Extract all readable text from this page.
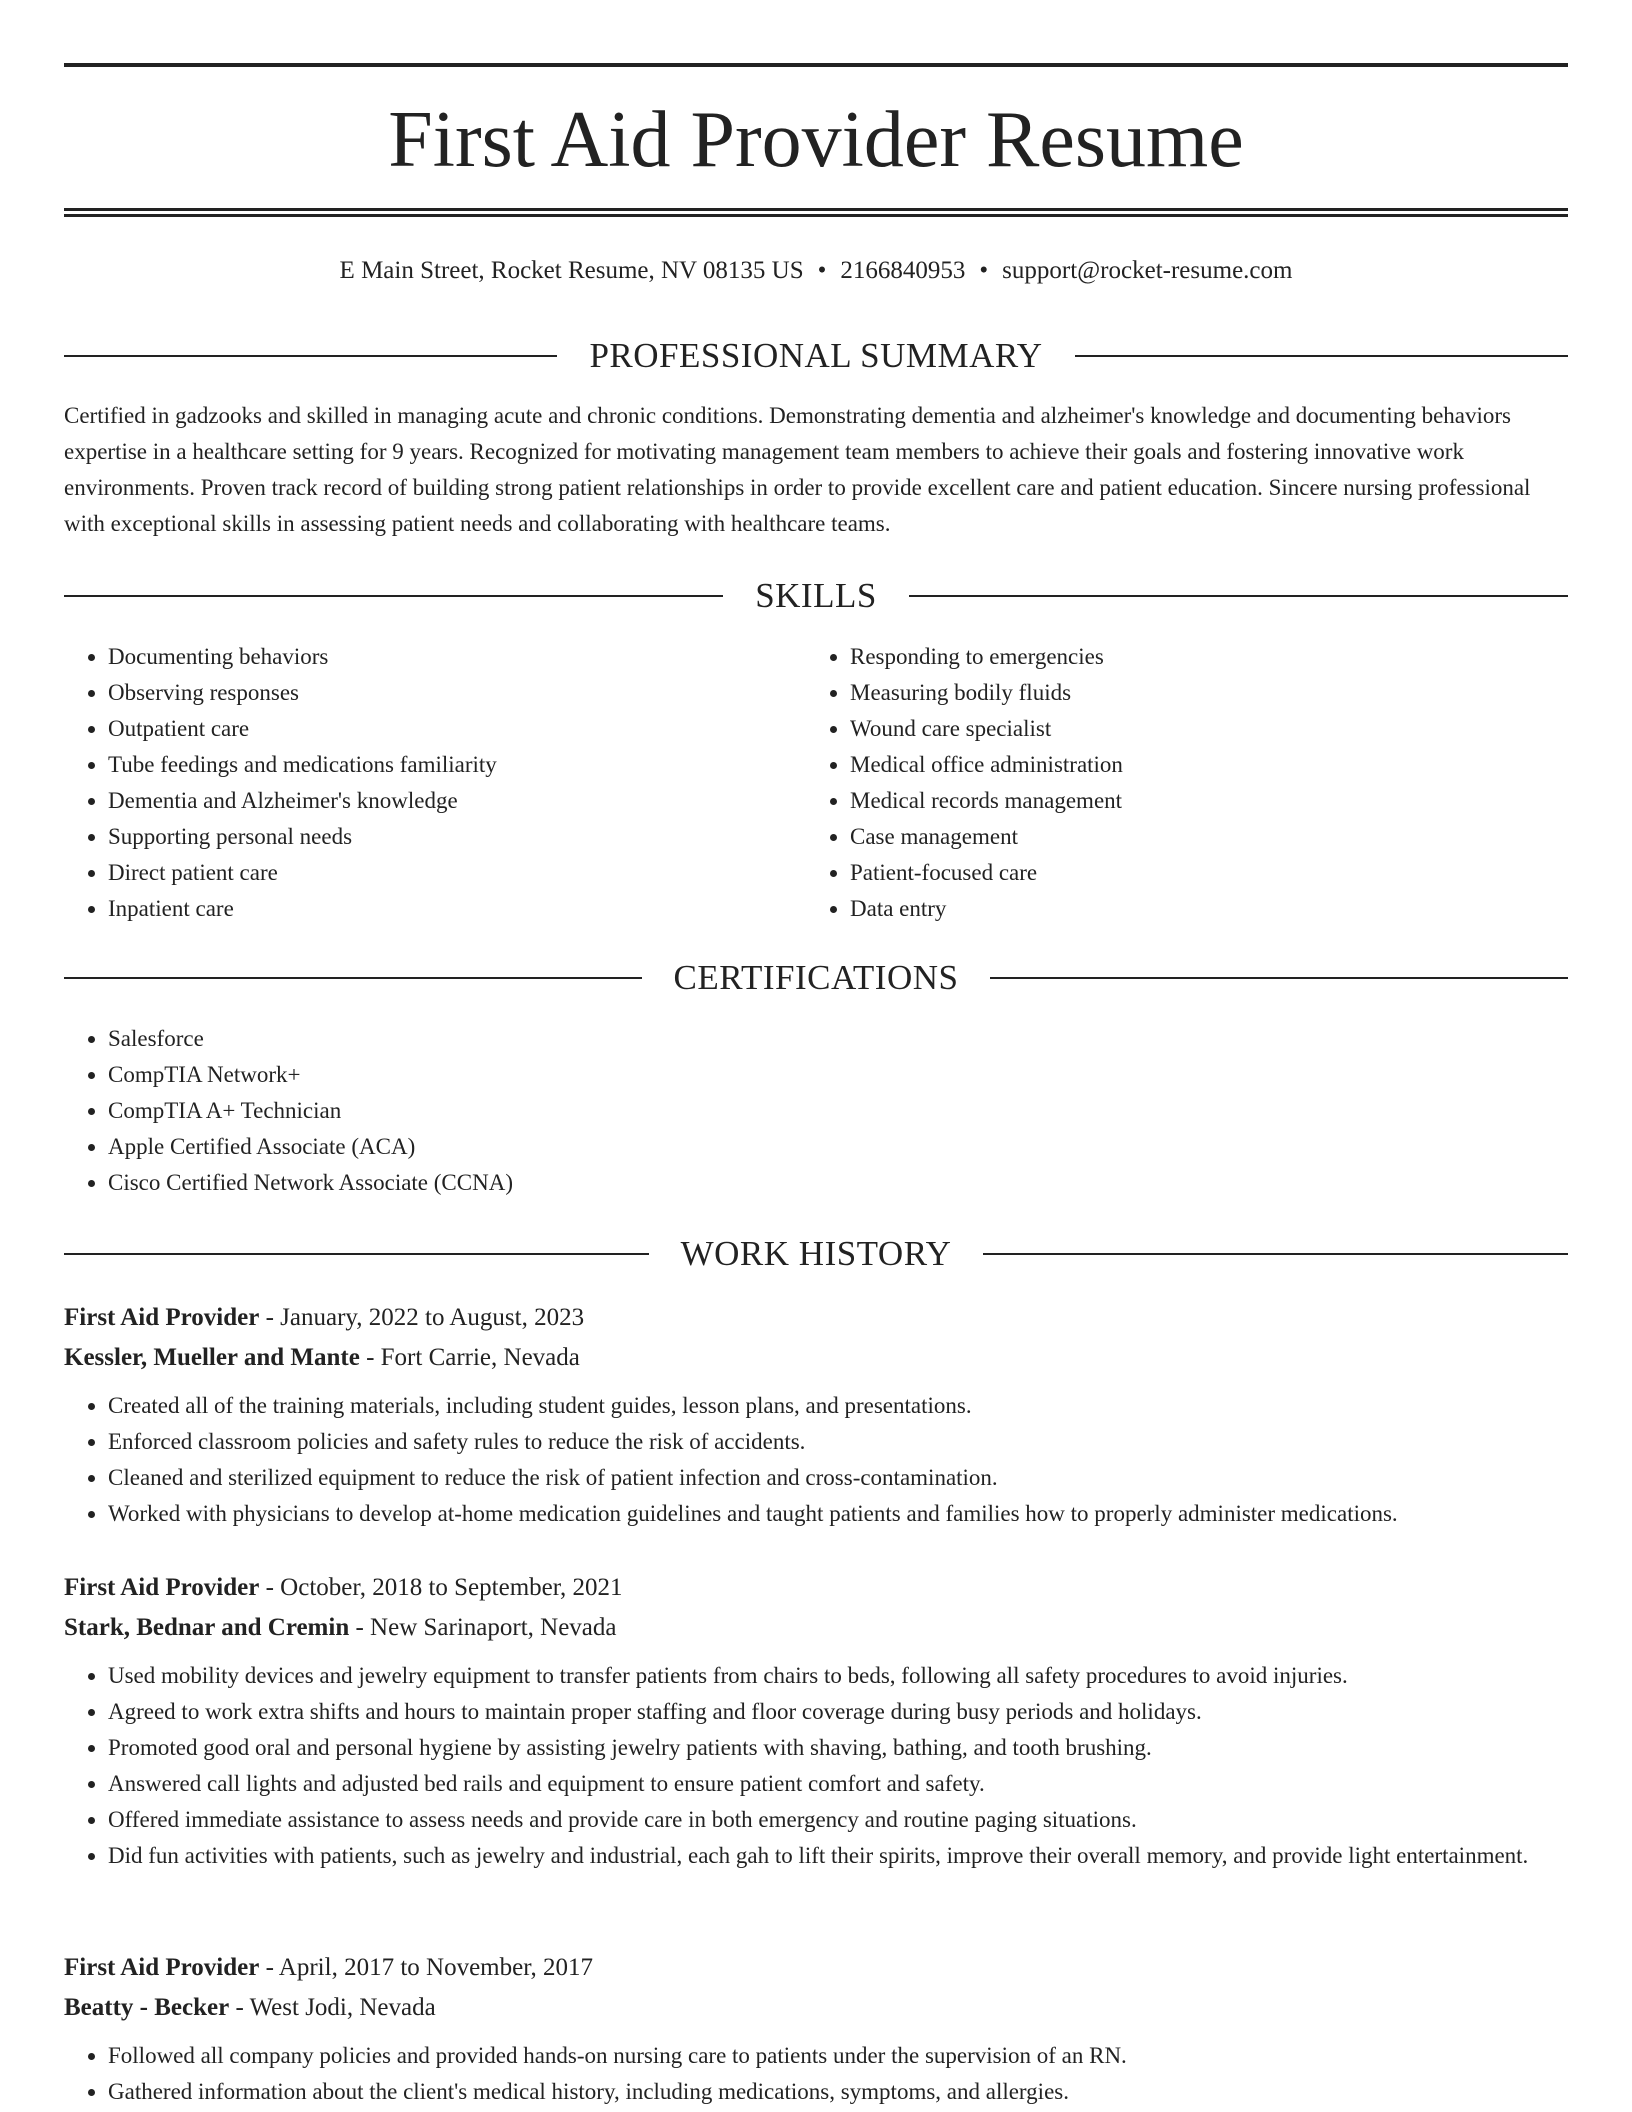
First Aid Provider Resume
E Main Street, Rocket Resume, NV 08135 US • 2166840953 • support@rocket-resume.com
PROFESSIONAL SUMMARY

Certified in gadzooks and skilled in managing acute and chronic conditions. Demonstrating dementia and alzheimer's knowledge and documenting behaviors expertise in a healthcare setting for 9 years. Recognized for motivating management team members to achieve their goals and fostering innovative work environments. Proven track record of building strong patient relationships in order to provide excellent care and patient education. Sincere nursing professional with exceptional skills in assessing patient needs and collaborating with healthcare teams.

SKILLS
• Documenting behaviors
• Observing responses
• Outpatient care
• Tube feedings and medications familiarity
• Dementia and Alzheimer's knowledge
• Supporting personal needs
• Direct patient care
• Inpatient care
• Responding to emergencies
• Measuring bodily fluids
• Wound care specialist
• Medical office administration
• Medical records management
• Case management
• Patient-focused care
• Data entry
CERTIFICATIONS
• Salesforce
• CompTIA Network+
• CompTIA A+ Technician
• Apple Certified Associate (ACA)
• Cisco Certified Network Associate (CCNA)
WORK HISTORY

First Aid Provider - January, 2022 to August, 2023

Kessler, Mueller and Mante - Fort Carrie, Nevada

• Created all of the training materials, including student guides, lesson plans, and presentations.
• Enforced classroom policies and safety rules to reduce the risk of accidents.
• Cleaned and sterilized equipment to reduce the risk of patient infection and cross-contamination.
• Worked with physicians to develop at-home medication guidelines and taught patients and families how to properly administer medications.

First Aid Provider - October, 2018 to September, 2021

Stark, Bednar and Cremin - New Sarinaport, Nevada

• Used mobility devices and jewelry equipment to transfer patients from chairs to beds, following all safety procedures to avoid injuries.
• Agreed to work extra shifts and hours to maintain proper staffing and floor coverage during busy periods and holidays.
• Promoted good oral and personal hygiene by assisting jewelry patients with shaving, bathing, and tooth brushing.
• Answered call lights and adjusted bed rails and equipment to ensure patient comfort and safety.
• Offered immediate assistance to assess needs and provide care in both emergency and routine paging situations.
• Did fun activities with patients, such as jewelry and industrial, each gah to lift their spirits, improve their overall memory, and provide light entertainment.

First Aid Provider - April, 2017 to November, 2017

Beatty - Becker - West Jodi, Nevada

• Followed all company policies and provided hands-on nursing care to patients under the supervision of an RN.
• Gathered information about the client's medical history, including medications, symptoms, and allergies.
